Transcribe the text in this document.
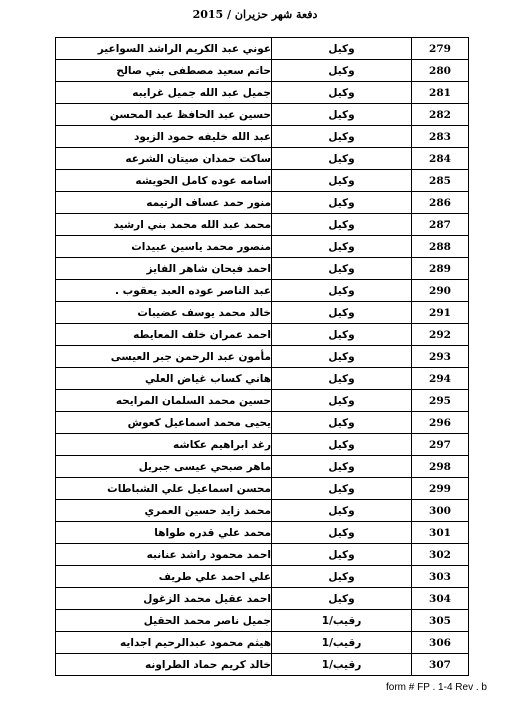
دفعة شهر حزيران / 2015
279	وكيل	عوني عبد الكريم الراشد السواعير
280	وكيل	حاتم سعيد مصطفى بني صالح
281	وكيل	جميل عبد الله جميل غرايبه
282	وكيل	حسين عبد الحافظ عبد المحسن
283	وكيل	عبد الله خليفه حمود الزيود
284	وكيل	ساكت حمدان صيتان الشرعه
285	وكيل	اسامه عوده كامل الحويشه
286	وكيل	منور حمد عساف الرتيمه
287	وكيل	محمد عبد الله محمد بني ارشيد
288	وكيل	منصور محمد ياسين عبيدات
289	وكيل	احمد فيحان شاهر الفايز
290	وكيل	عبد الناصر عوده العبد يعقوب .
291	وكيل	خالد محمد يوسف عضيبات
292	وكيل	احمد عمران خلف المعايطه
293	وكيل	مأمون عبد الرحمن جبر العيسى
294	وكيل	هاني كساب غياض العلي
295	وكيل	حسين محمد السلمان المرايحه
296	وكيل	يحيى محمد اسماعيل كعوش
297	وكيل	رغد ابراهيم عكاشه
298	وكيل	ماهر صبحي عيسى جبريل
299	وكيل	محسن اسماعيل علي الشباطات
300	وكيل	محمد زايد حسين العمري
301	وكيل	محمد علي قدره طواها
302	وكيل	احمد محمود راشد عنانبه
303	وكيل	علي احمد علي طريف
304	وكيل	احمد عقيل محمد الزغول
305	رقيب/1	جميل ناصر محمد الحقيل
306	رقيب/1	هيثم محمود عبدالرحيم اجدايه
307	رقيب/1	خالد كريم حماد الطراونه
form # FP . 1-4 Rev . b
